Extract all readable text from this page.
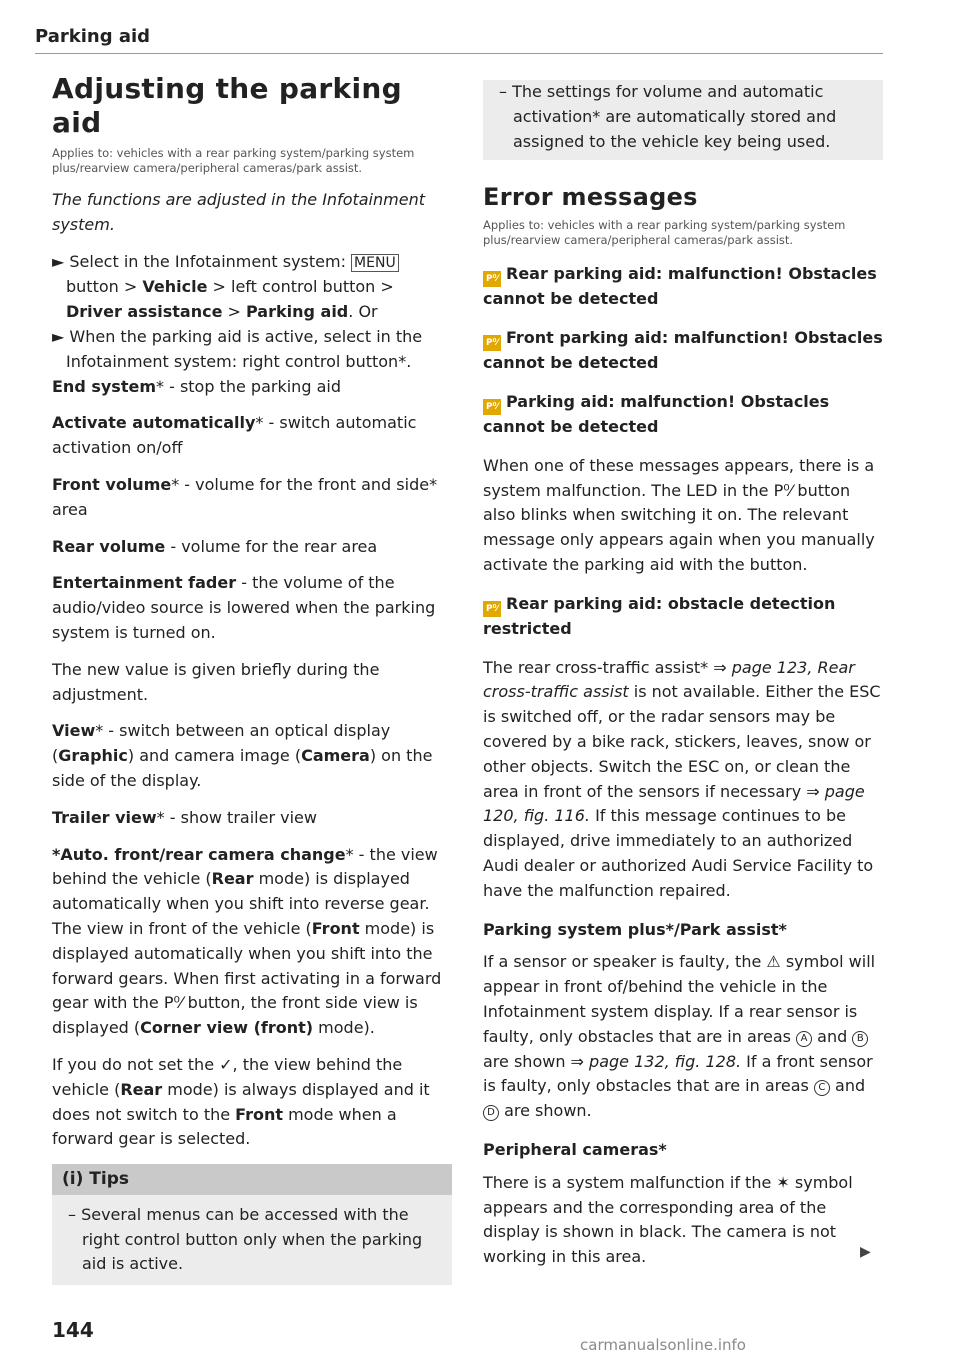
Parking aid
Adjusting the parking aid
Applies to: vehicles with a rear parking system/parking system plus/rearview camera/peripheral cameras/park assist.

The functions are adjusted in the Infotainment system.

► Select in the Infotainment system: MENU button > Vehicle > left control button > Driver assistance > Parking aid. Or

► When the parking aid is active, select in the Infotainment system: right control button*.

End system* - stop the parking aid

Activate automatically* - switch automatic activation on/off

Front volume* - volume for the front and side* area

Rear volume - volume for the rear area

Entertainment fader - the volume of the audio/video source is lowered when the parking system is turned on.

The new value is given briefly during the adjustment.

View* - switch between an optical display (Graphic) and camera image (Camera) on the side of the display.

Trailer view* - show trailer view

*Auto. front/rear camera change* - the view behind the vehicle (Rear mode) is displayed automatically when you shift into reverse gear. The view in front of the vehicle (Front mode) is displayed automatically when you shift into the forward gears. When first activating in a forward gear with the P⁰⁄ button, the front side view is displayed (Corner view (front) mode).

If you do not set the ✓, the view behind the vehicle (Rear mode) is always displayed and it does not switch to the Front mode when a forward gear is selected.

(i) Tips
– Several menus can be accessed with the right control button only when the parking aid is active.
– The settings for volume and automatic activation* are automatically stored and assigned to the vehicle key being used.
Error messages
Applies to: vehicles with a rear parking system/parking system plus/rearview camera/peripheral cameras/park assist.
P⁰⁄ Rear parking aid: malfunction! Obstacles cannot be detected
P⁰⁄ Front parking aid: malfunction! Obstacles cannot be detected
P⁰⁄ Parking aid: malfunction! Obstacles cannot be detected

When one of these messages appears, there is a system malfunction. The LED in the P⁰⁄ button also blinks when switching it on. The relevant message only appears again when you manually activate the parking aid with the button.

P⁰⁄ Rear parking aid: obstacle detection restricted

The rear cross-traffic assist* ⇒ page 123, Rear cross-traffic assist is not available. Either the ESC is switched off, or the radar sensors may be covered by a bike rack, stickers, leaves, snow or other objects. Switch the ESC on, or clean the area in front of the sensors if necessary ⇒ page 120, fig. 116. If this message continues to be displayed, drive immediately to an authorized Audi dealer or authorized Audi Service Facility to have the malfunction repaired.

Parking system plus*/Park assist*

If a sensor or speaker is faulty, the ⚠ symbol will appear in front of/behind the vehicle in the Infotainment system display. If a rear sensor is faulty, only obstacles that are in areas A and B are shown ⇒ page 132, fig. 128. If a front sensor is faulty, only obstacles that are in areas C and D are shown.

Peripheral cameras*

There is a system malfunction if the ✶ symbol appears and the corresponding area of the display is shown in black. The camera is not working in this area.	▶
144
carmanualsonline.info
